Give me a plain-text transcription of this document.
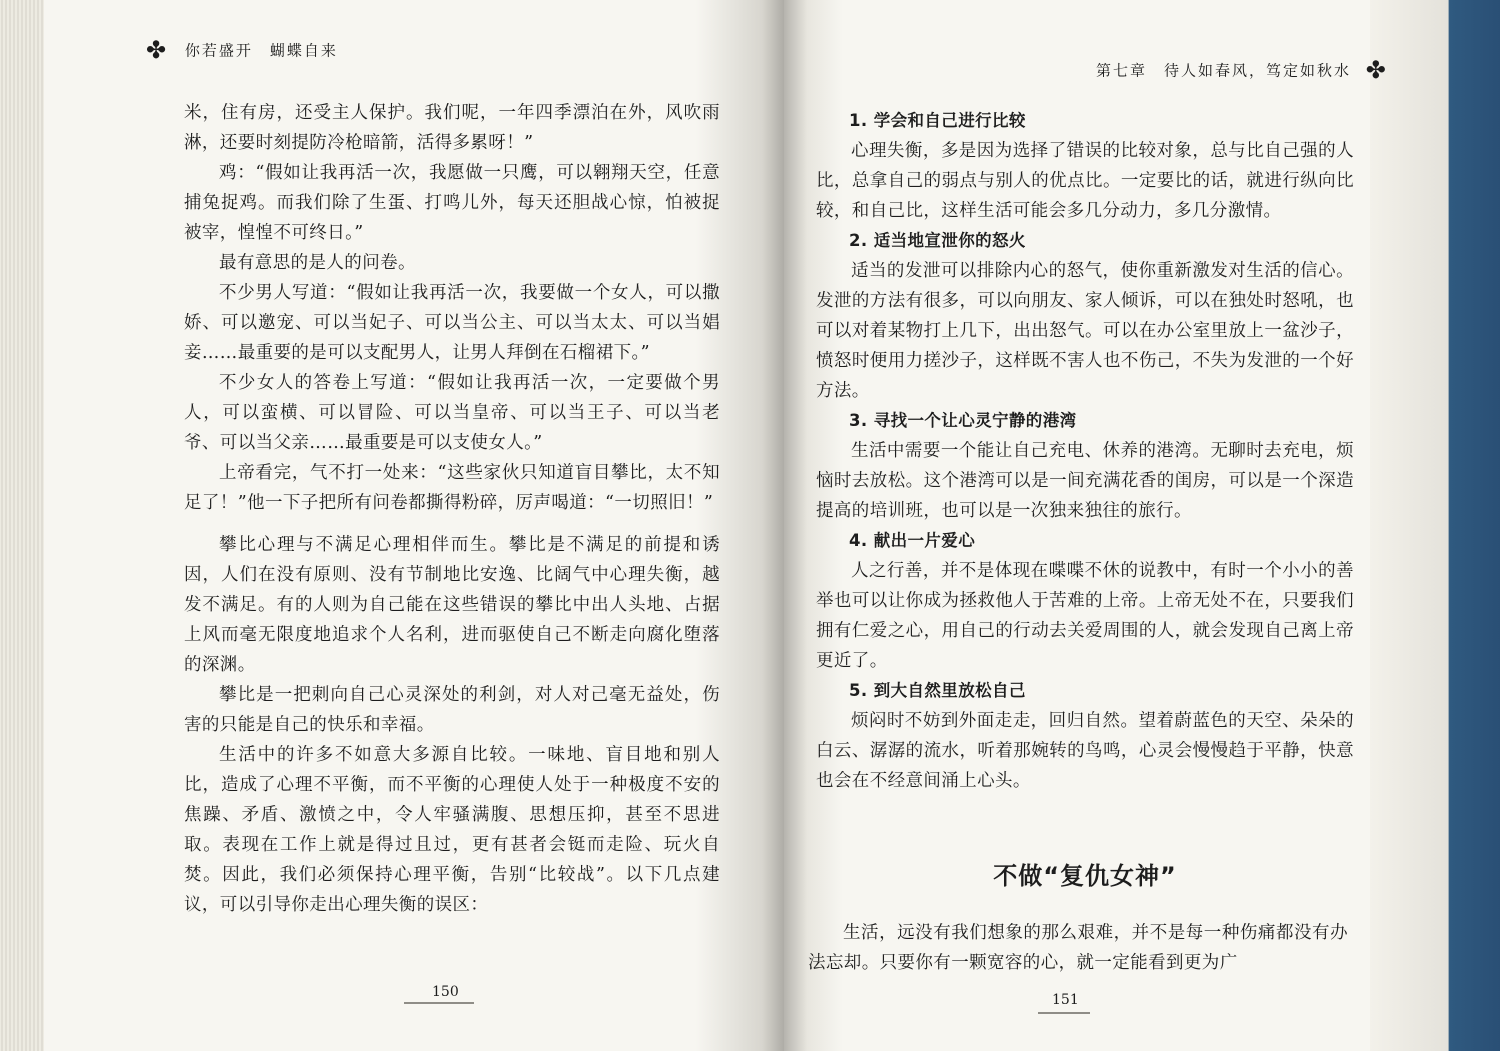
✤ 你若盛开　蝴蝶自来
第七章　待人如春风，笃定如秋水 ✤

米，住有房，还受主人保护。我们呢，一年四季漂泊在外，风吹雨淋，还要时刻提防冷枪暗箭，活得多累呀！”

鸡：“假如让我再活一次，我愿做一只鹰，可以翱翔天空，任意捕兔捉鸡。而我们除了生蛋、打鸣儿外，每天还胆战心惊，怕被捉被宰，惶惶不可终日。”

最有意思的是人的问卷。

不少男人写道：“假如让我再活一次，我要做一个女人，可以撒娇、可以邀宠、可以当妃子、可以当公主、可以当太太、可以当娼妾……最重要的是可以支配男人，让男人拜倒在石榴裙下。”

不少女人的答卷上写道：“假如让我再活一次，一定要做个男人，可以蛮横、可以冒险、可以当皇帝、可以当王子、可以当老爷、可以当父亲……最重要是可以支使女人。”

上帝看完，气不打一处来：“这些家伙只知道盲目攀比，太不知足了！”他一下子把所有问卷都撕得粉碎，厉声喝道：“一切照旧！”

攀比心理与不满足心理相伴而生。攀比是不满足的前提和诱因，人们在没有原则、没有节制地比安逸、比阔气中心理失衡，越发不满足。有的人则为自己能在这些错误的攀比中出人头地、占据上风而毫无限度地追求个人名利，进而驱使自己不断走向腐化堕落的深渊。

攀比是一把刺向自己心灵深处的利剑，对人对己毫无益处，伤害的只能是自己的快乐和幸福。

生活中的许多不如意大多源自比较。一味地、盲目地和别人比，造成了心理不平衡，而不平衡的心理使人处于一种极度不安的焦躁、矛盾、激愤之中，令人牢骚满腹、思想压抑，甚至不思进取。表现在工作上就是得过且过，更有甚者会铤而走险、玩火自焚。因此，我们必须保持心理平衡，告别“比较战”。以下几点建议，可以引导你走出心理失衡的误区：

1. 学会和自己进行比较

心理失衡，多是因为选择了错误的比较对象，总与比自己强的人比，总拿自己的弱点与别人的优点比。一定要比的话，就进行纵向比较，和自己比，这样生活可能会多几分动力，多几分激情。

2. 适当地宣泄你的怒火

适当的发泄可以排除内心的怒气，使你重新激发对生活的信心。发泄的方法有很多，可以向朋友、家人倾诉，可以在独处时怒吼，也可以对着某物打上几下，出出怒气。可以在办公室里放上一盆沙子，愤怒时便用力搓沙子，这样既不害人也不伤己，不失为发泄的一个好方法。

3. 寻找一个让心灵宁静的港湾

生活中需要一个能让自己充电、休养的港湾。无聊时去充电，烦恼时去放松。这个港湾可以是一间充满花香的闺房，可以是一个深造提高的培训班，也可以是一次独来独往的旅行。

4. 献出一片爱心

人之行善，并不是体现在喋喋不休的说教中，有时一个小小的善举也可以让你成为拯救他人于苦难的上帝。上帝无处不在，只要我们拥有仁爱之心，用自己的行动去关爱周围的人，就会发现自己离上帝更近了。

5. 到大自然里放松自己

烦闷时不妨到外面走走，回归自然。望着蔚蓝色的天空、朵朵的白云、潺潺的流水，听着那婉转的鸟鸣，心灵会慢慢趋于平静，快意也会在不经意间涌上心头。

不做“复仇女神”

生活，远没有我们想象的那么艰难，并不是每一种伤痛都没有办法忘却。只要你有一颗宽容的心，就一定能看到更为广

150	151
